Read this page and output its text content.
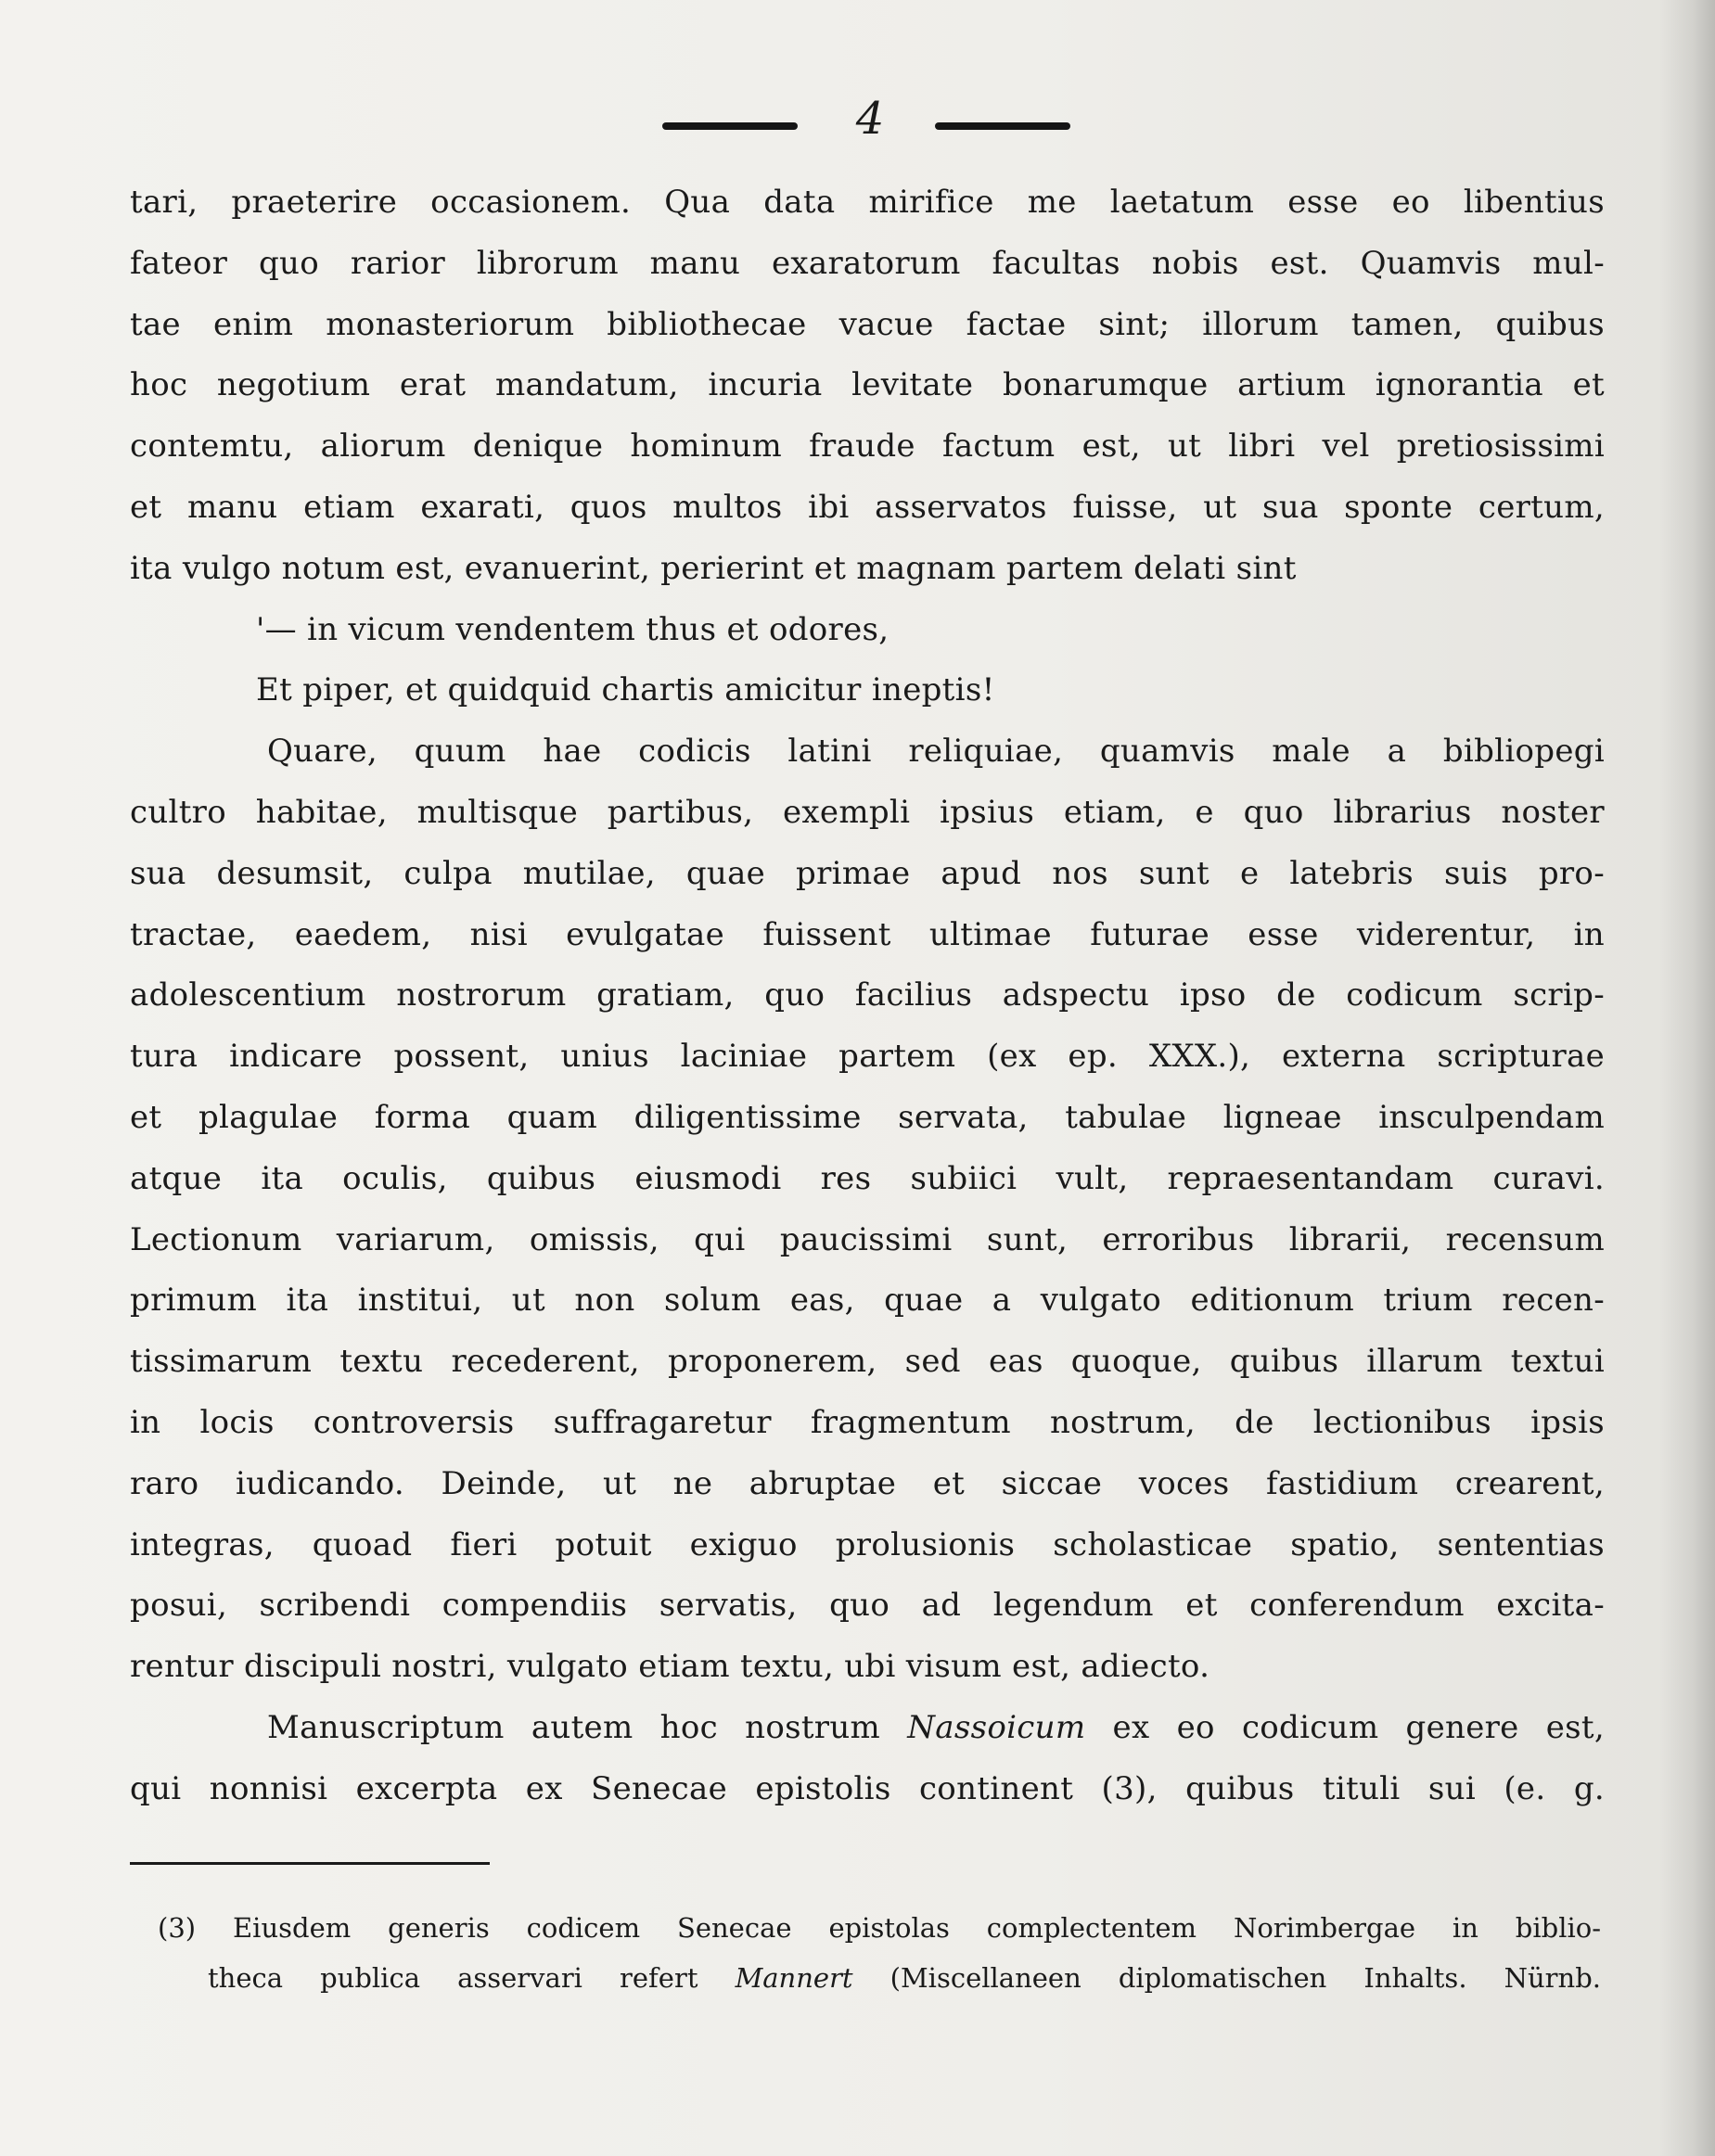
4
tari, praeterire occasionem. Qua data mirifice me laetatum esse eo libentius
fateor quo rarior librorum manu exaratorum facultas nobis est. Quamvis mul-
tae enim monasteriorum bibliothecae vacue factae sint; illorum tamen, quibus
hoc negotium erat mandatum, incuria levitate bonarumque artium ignorantia et
contemtu, aliorum denique hominum fraude factum est, ut libri vel pretiosissimi
et manu etiam exarati, quos multos ibi asservatos fuisse, ut sua sponte certum,
ita vulgo notum est, evanuerint, perierint et magnam partem delati sint
'— in vicum vendentem thus et odores,
Et piper, et quidquid chartis amicitur ineptis!
Quare, quum hae codicis latini reliquiae, quamvis male a bibliopegi
cultro habitae, multisque partibus, exempli ipsius etiam, e quo librarius noster
sua desumsit, culpa mutilae, quae primae apud nos sunt e latebris suis pro-
tractae, eaedem, nisi evulgatae fuissent ultimae futurae esse viderentur, in
adolescentium nostrorum gratiam, quo facilius adspectu ipso de codicum scrip-
tura indicare possent, unius laciniae partem (ex ep. XXX.), externa scripturae
et plagulae forma quam diligentissime servata, tabulae ligneae insculpendam
atque ita oculis, quibus eiusmodi res subiici vult, repraesentandam curavi.
Lectionum variarum, omissis, qui paucissimi sunt, erroribus librarii, recensum
primum ita institui, ut non solum eas, quae a vulgato editionum trium recen-
tissimarum textu recederent, proponerem, sed eas quoque, quibus illarum textui
in locis controversis suffragaretur fragmentum nostrum, de lectionibus ipsis
raro iudicando. Deinde, ut ne abruptae et siccae voces fastidium crearent,
integras, quoad fieri potuit exiguo prolusionis scholasticae spatio, sententias
posui, scribendi compendiis servatis, quo ad legendum et conferendum excita-
rentur discipuli nostri, vulgato etiam textu, ubi visum est, adiecto.
Manuscriptum autem hoc nostrum Nassoicum ex eo codicum genere est,
qui nonnisi excerpta ex Senecae epistolis continent (3), quibus tituli sui (e. g.
(3) Eiusdem generis codicem Senecae epistolas complectentem Norimbergae in biblio-
theca publica asservari refert Mannert (Miscellaneen diplomatischen Inhalts. Nürnb.
